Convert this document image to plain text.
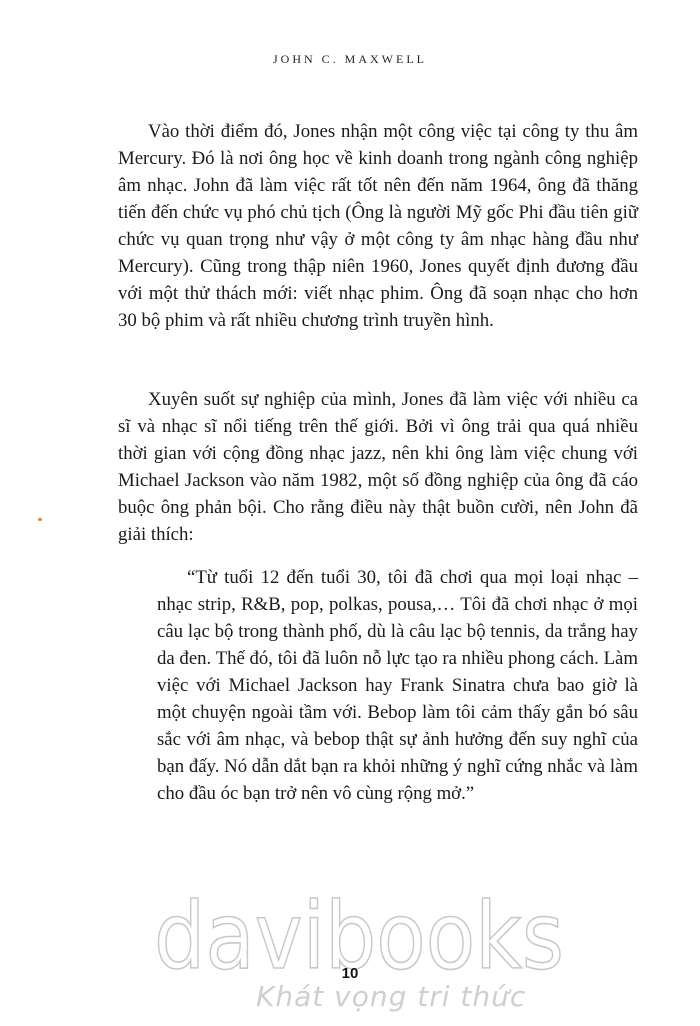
JOHN C. MAXWELL

Vào thời điểm đó, Jones nhận một công việc tại công ty thu âm Mercury. Đó là nơi ông học về kinh doanh trong ngành công nghiệp âm nhạc. John đã làm việc rất tốt nên đến năm 1964, ông đã thăng tiến đến chức vụ phó chủ tịch (Ông là người Mỹ gốc Phi đầu tiên giữ chức vụ quan trọng như vậy ở một công ty âm nhạc hàng đầu như Mercury). Cũng trong thập niên 1960, Jones quyết định đương đầu với một thử thách mới: viết nhạc phim. Ông đã soạn nhạc cho hơn 30 bộ phim và rất nhiều chương trình truyền hình.

Xuyên suốt sự nghiệp của mình, Jones đã làm việc với nhiều ca sĩ và nhạc sĩ nổi tiếng trên thế giới. Bởi vì ông trải qua quá nhiều thời gian với cộng đồng nhạc jazz, nên khi ông làm việc chung với Michael Jackson vào năm 1982, một số đồng nghiệp của ông đã cáo buộc ông phản bội. Cho rằng điều này thật buồn cười, nên John đã giải thích:

“Từ tuổi 12 đến tuổi 30, tôi đã chơi qua mọi loại nhạc – nhạc strip, R&B, pop, polkas, pousa,… Tôi đã chơi nhạc ở mọi câu lạc bộ trong thành phố, dù là câu lạc bộ tennis, da trắng hay da đen. Thế đó, tôi đã luôn nỗ lực tạo ra nhiều phong cách. Làm việc với Michael Jackson hay Frank Sinatra chưa bao giờ là một chuyện ngoài tầm với. Bebop làm tôi cảm thấy gắn bó sâu sắc với âm nhạc, và bebop thật sự ảnh hưởng đến suy nghĩ của bạn đấy. Nó dẫn dắt bạn ra khỏi những ý nghĩ cứng nhắc và làm cho đầu óc bạn trở nên vô cùng rộng mở.”

davibooks
10
Khát vọng tri thức
